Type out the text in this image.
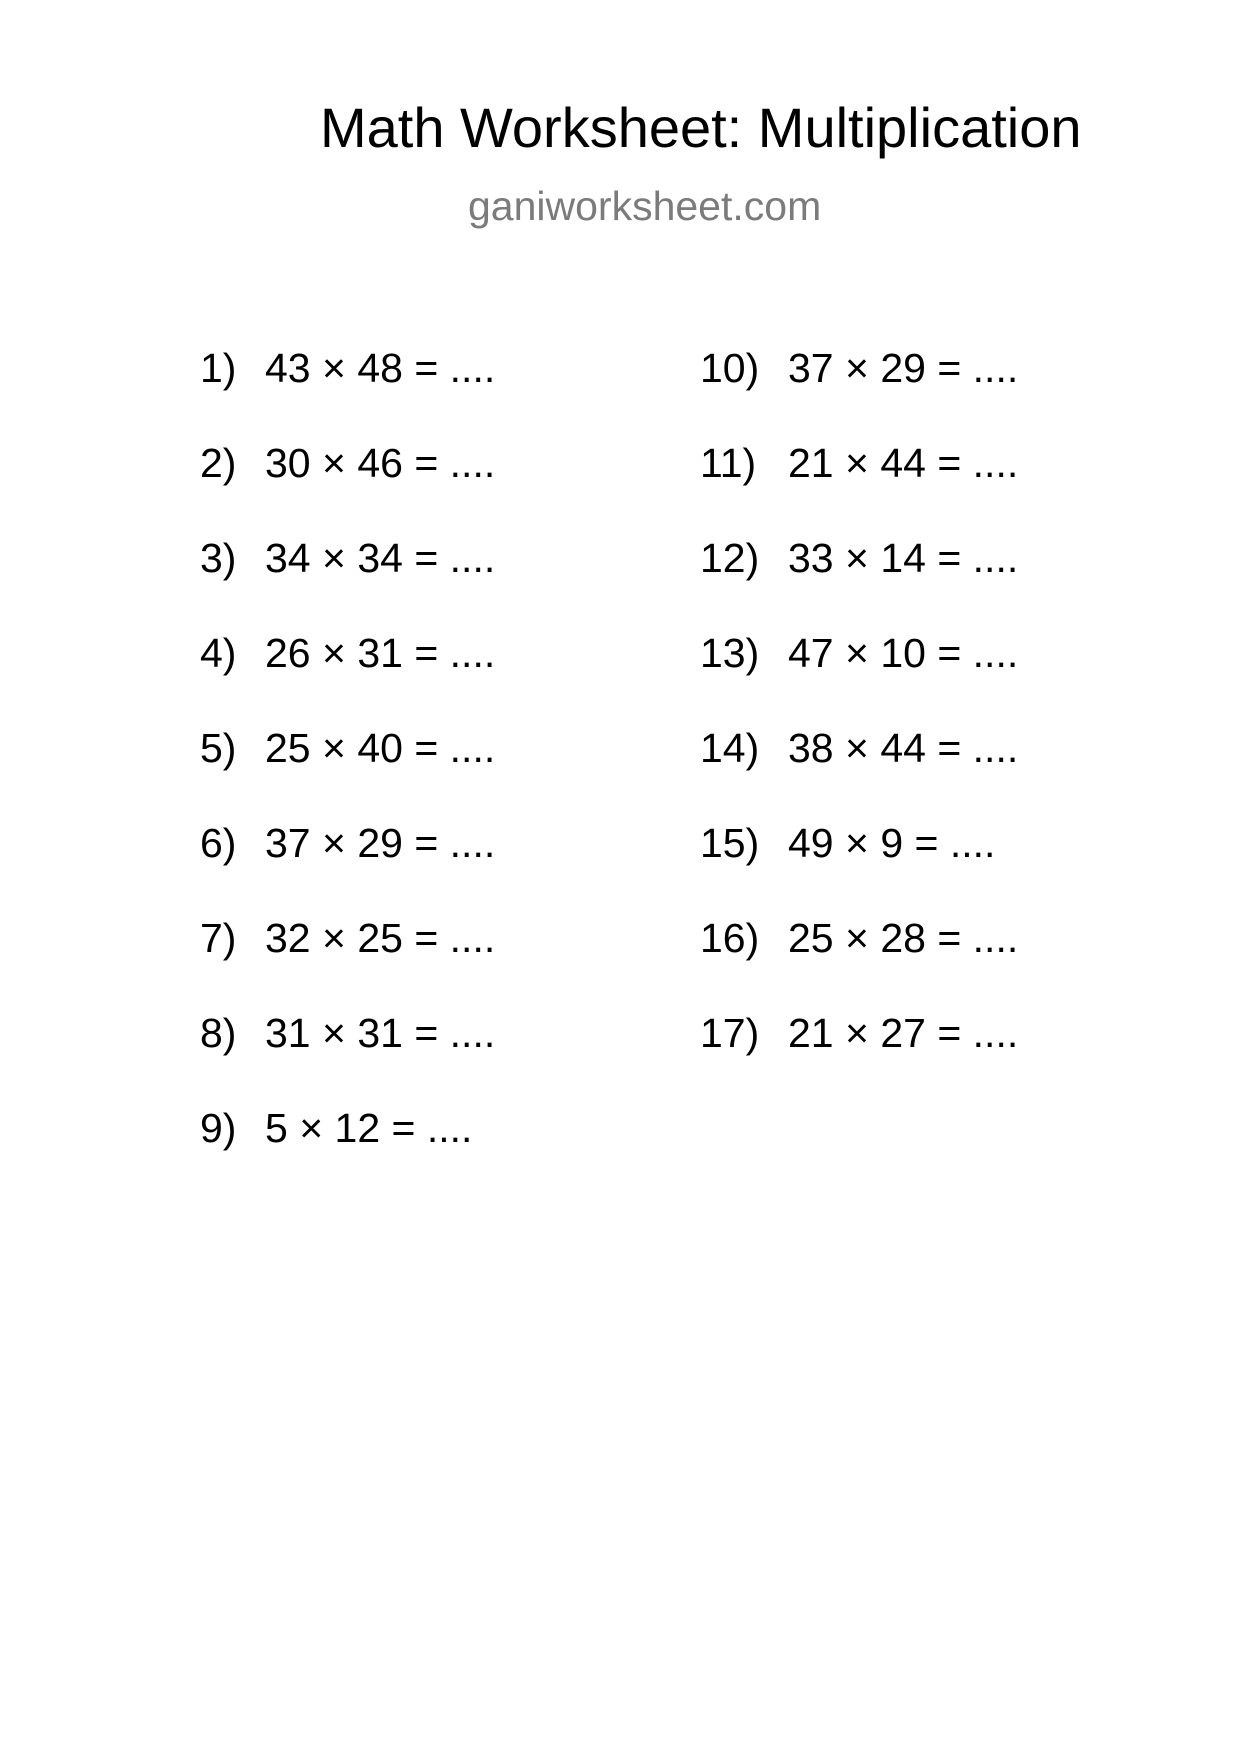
Math Worksheet: Multiplication
ganiworksheet.com
1) 43 × 48 = ....
2) 30 × 46 = ....
3) 34 × 34 = ....
4) 26 × 31 = ....
5) 25 × 40 = ....
6) 37 × 29 = ....
7) 32 × 25 = ....
8) 31 × 31 = ....
9) 5 × 12 = ....
10) 37 × 29 = ....
11) 21 × 44 = ....
12) 33 × 14 = ....
13) 47 × 10 = ....
14) 38 × 44 = ....
15) 49 × 9 = ....
16) 25 × 28 = ....
17) 21 × 27 = ....
